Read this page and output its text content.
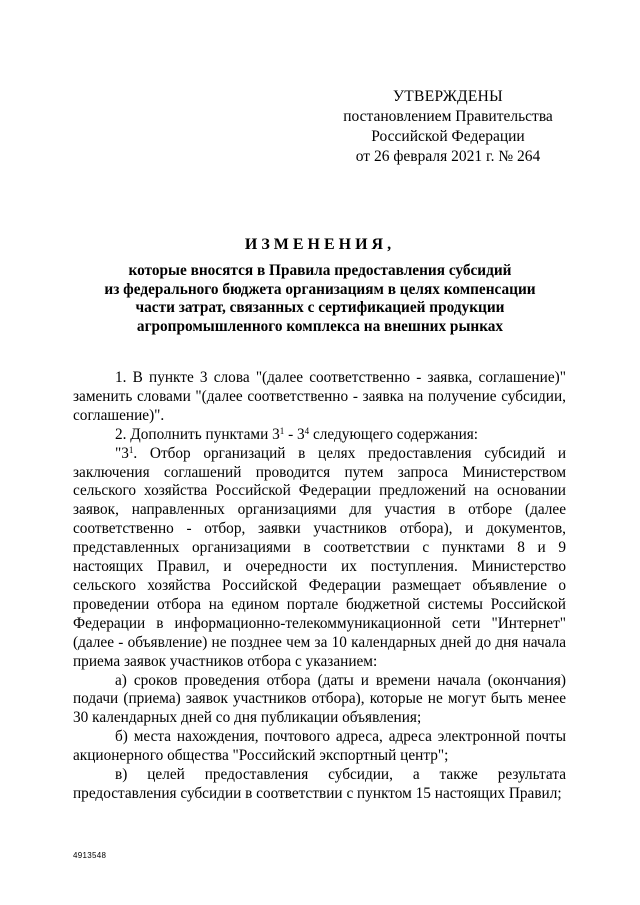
УТВЕРЖДЕНЫ
постановлением Правительства
Российской Федерации
от 26 февраля 2021 г. № 264
ИЗМЕНЕНИЯ,
которые вносятся в Правила предоставления субсидий
из федерального бюджета организациям в целях компенсации
части затрат, связанных с сертификацией продукции
агропромышленного комплекса на внешних рынках

1. В пункте 3 слова "(далее соответственно - заявка, соглашение)" заменить словами "(далее соответственно - заявка на получение субсидии, соглашение)".

2. Дополнить пунктами $3^1 - 3^4$ следующего содержания:

"$3^1$. Отбор организаций в целях предоставления субсидий и заключения соглашений проводится путем запроса Министерством сельского хозяйства Российской Федерации предложений на основании заявок, направленных организациями для участия в отборе (далее соответственно - отбор, заявки участников отбора), и документов, представленных организациями в соответствии с пунктами 8 и 9 настоящих Правил, и очередности их поступления. Министерство сельского хозяйства Российской Федерации размещает объявление о проведении отбора на едином портале бюджетной системы Российской Федерации в информационно-телекоммуникационной сети "Интернет" (далее - объявление) не позднее чем за 10 календарных дней до дня начала приема заявок участников отбора с указанием:

а) сроков проведения отбора (даты и времени начала (окончания) подачи (приема) заявок участников отбора), которые не могут быть менее 30 календарных дней со дня публикации объявления;

б) места нахождения, почтового адреса, адреса электронной почты акционерного общества "Российский экспортный центр";

в) целей предоставления субсидии, а также результата предоставления субсидии в соответствии с пунктом 15 настоящих Правил;

4913548
